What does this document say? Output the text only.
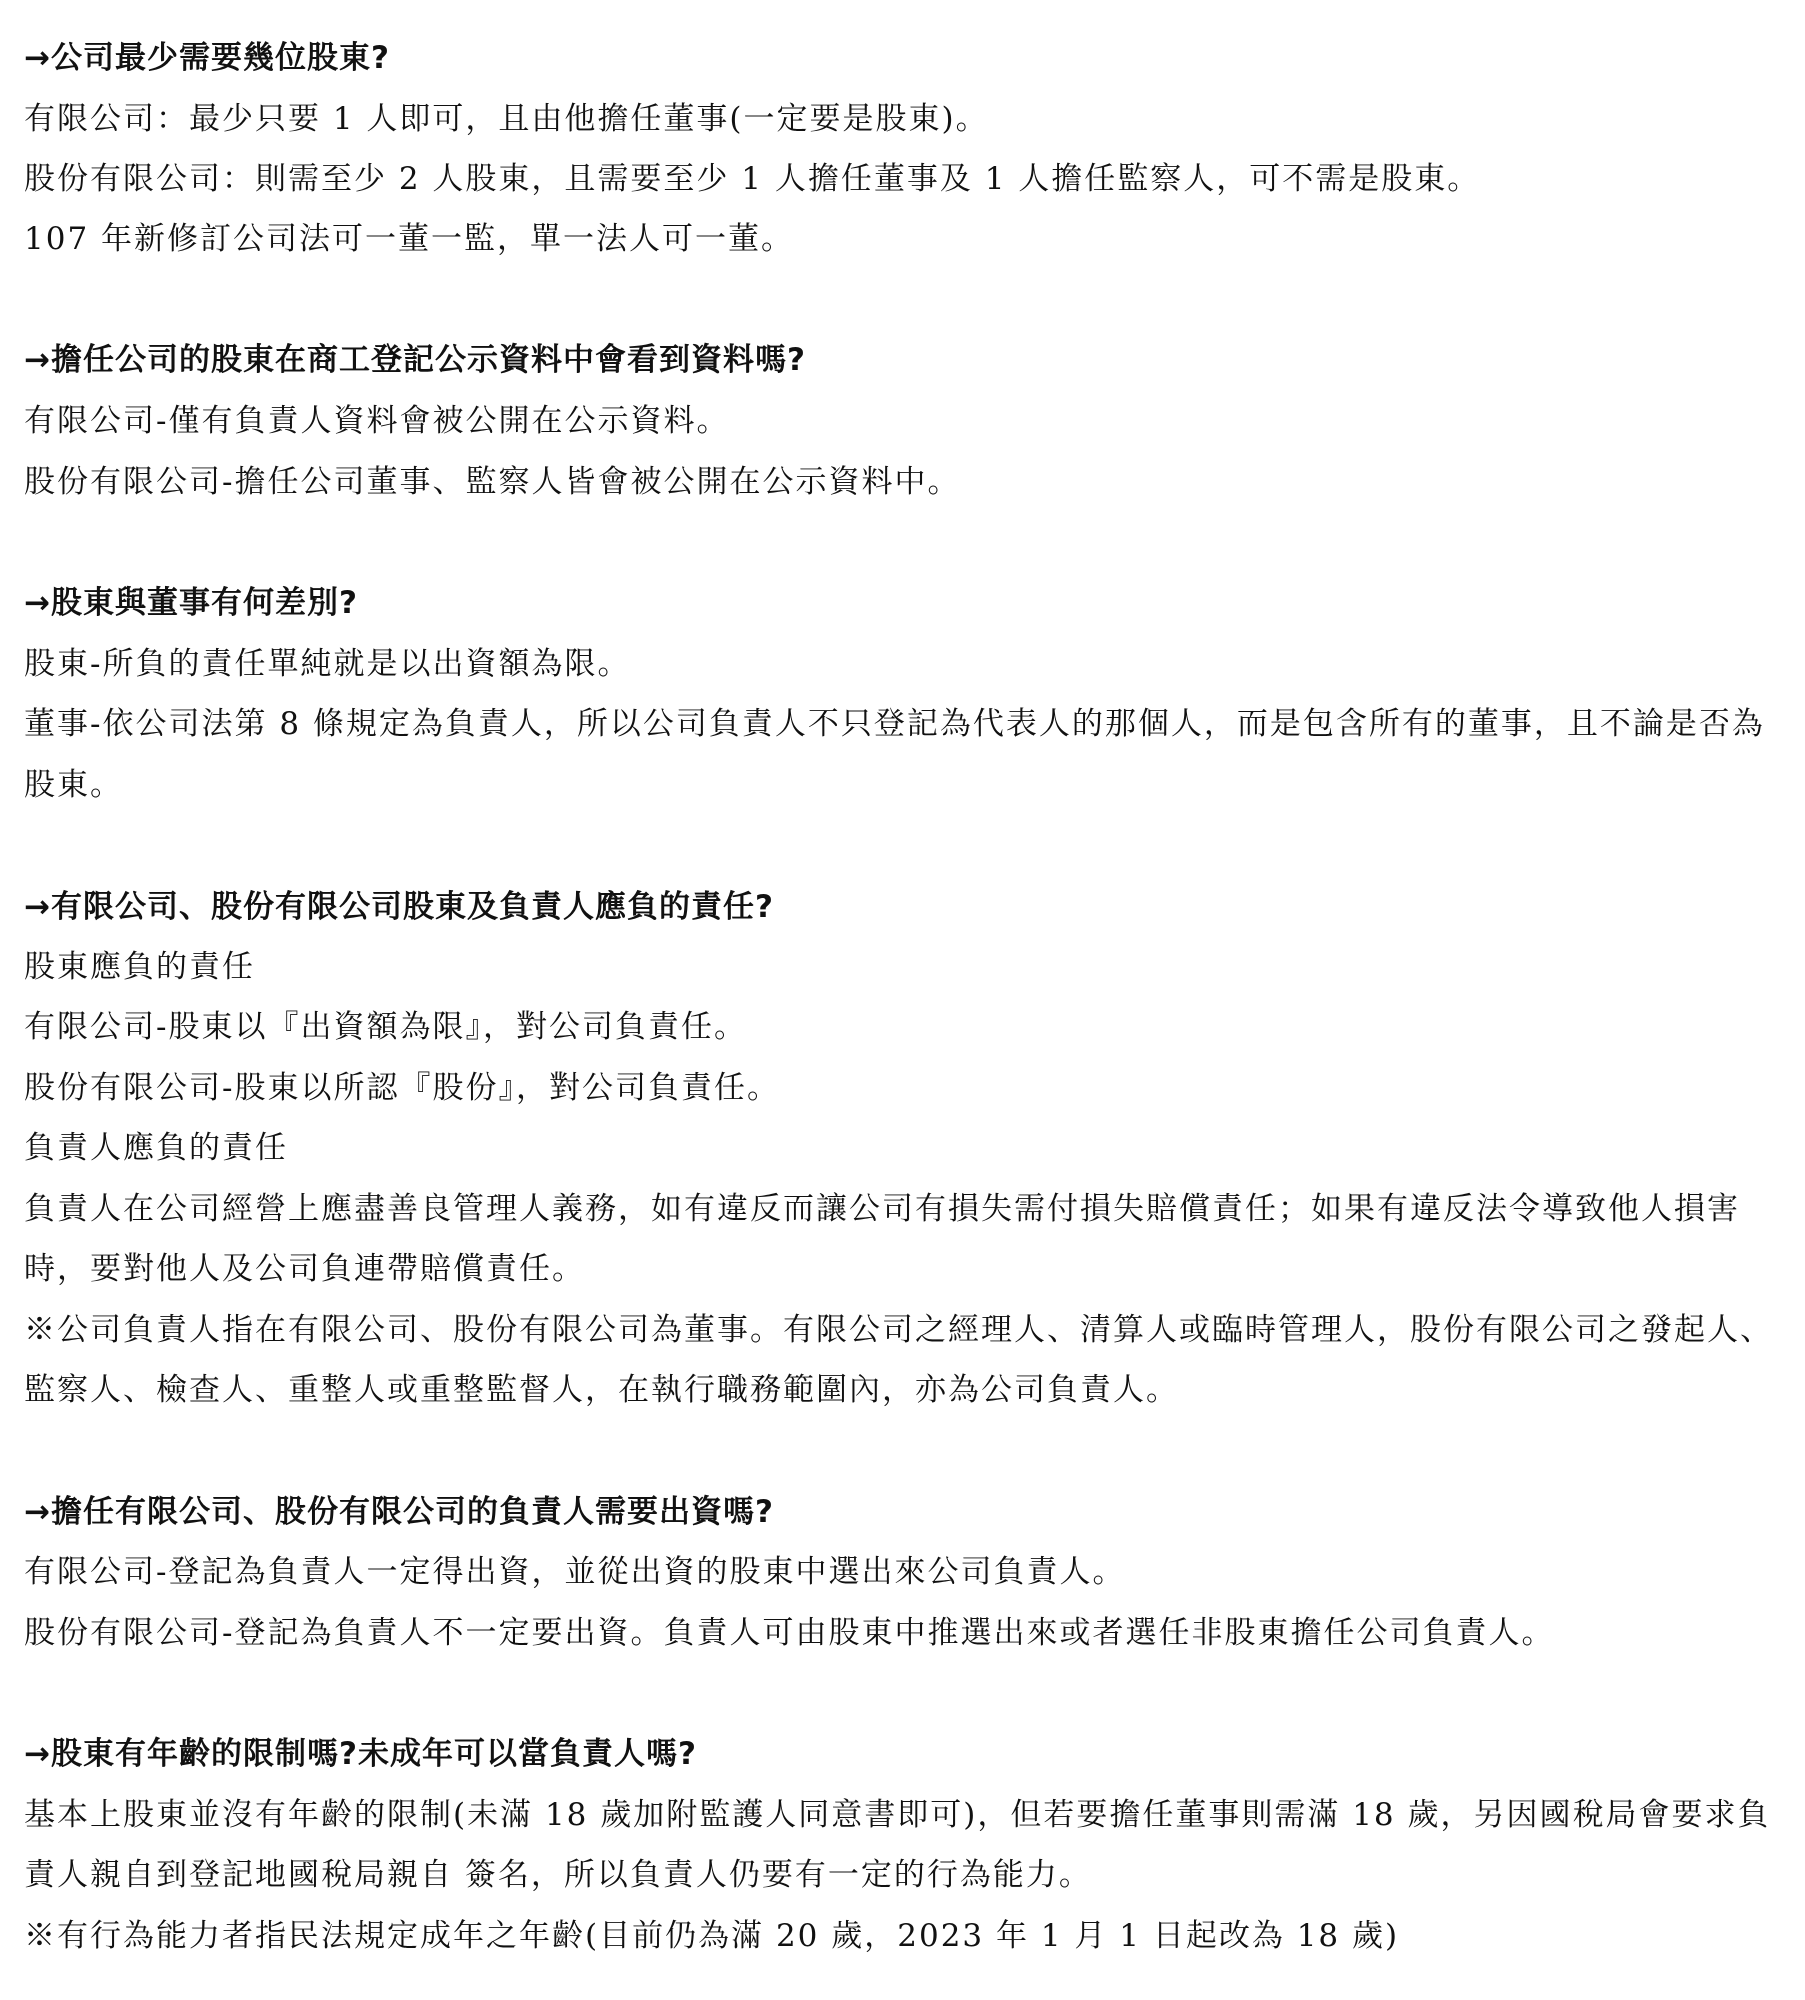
→公司最少需要幾位股東?
有限公司：最少只要 1 人即可，且由他擔任董事(一定要是股東)。
股份有限公司：則需至少 2 人股東，且需要至少 1 人擔任董事及 1 人擔任監察人，可不需是股東。
107 年新修訂公司法可一董一監，單一法人可一董。
→擔任公司的股東在商工登記公示資料中會看到資料嗎?
有限公司-僅有負責人資料會被公開在公示資料。
股份有限公司-擔任公司董事、監察人皆會被公開在公示資料中。
→股東與董事有何差別?
股東-所負的責任單純就是以出資額為限。
董事-依公司法第 8 條規定為負責人，所以公司負責人不只登記為代表人的那個人，而是包含所有的董事，且不論是否為
股東。
→有限公司、股份有限公司股東及負責人應負的責任?
股東應負的責任
有限公司-股東以『出資額為限』，對公司負責任。
股份有限公司-股東以所認『股份』，對公司負責任。
負責人應負的責任
負責人在公司經營上應盡善良管理人義務，如有違反而讓公司有損失需付損失賠償責任；如果有違反法令導致他人損害
時，要對他人及公司負連帶賠償責任。
※公司負責人指在有限公司、股份有限公司為董事。有限公司之經理人、清算人或臨時管理人，股份有限公司之發起人、
監察人、檢查人、重整人或重整監督人，在執行職務範圍內，亦為公司負責人。
→擔任有限公司、股份有限公司的負責人需要出資嗎?
有限公司-登記為負責人一定得出資，並從出資的股東中選出來公司負責人。
股份有限公司-登記為負責人不一定要出資。負責人可由股東中推選出來或者選任非股東擔任公司負責人。
→股東有年齡的限制嗎?未成年可以當負責人嗎?
基本上股東並沒有年齡的限制(未滿 18 歲加附監護人同意書即可)，但若要擔任董事則需滿 18 歲，另因國稅局會要求負
責人親自到登記地國稅局親自 簽名，所以負責人仍要有一定的行為能力。
※有行為能力者指民法規定成年之年齡(目前仍為滿 20 歲，2023 年 1 月 1 日起改為 18 歲)
